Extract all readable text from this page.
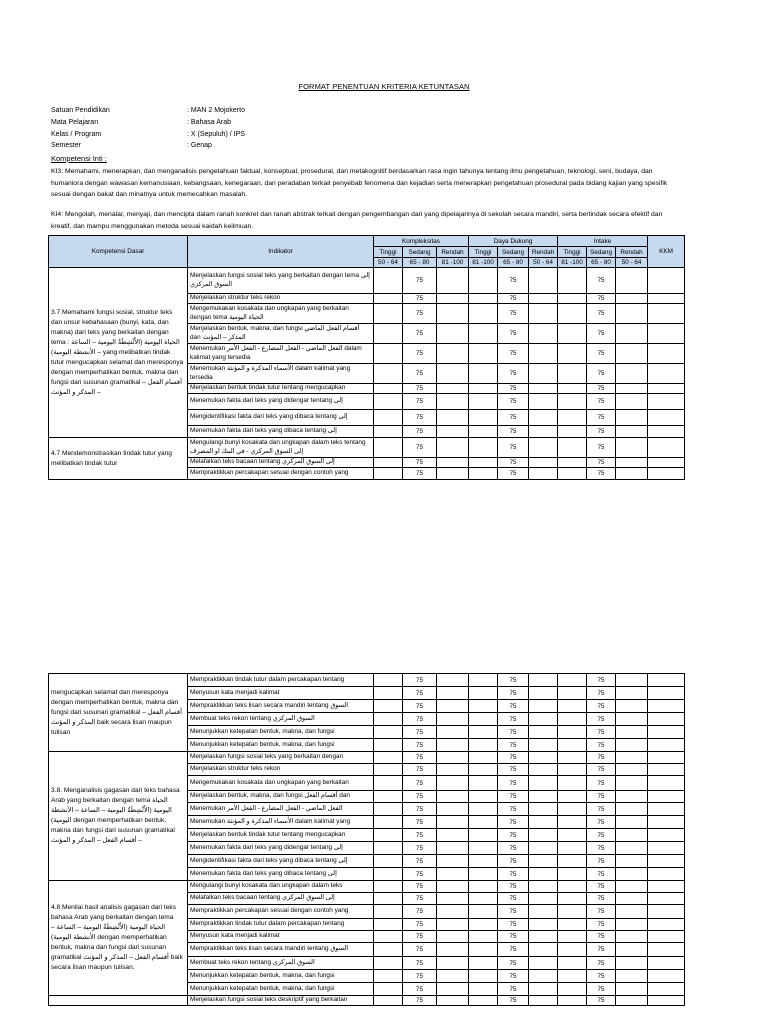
FORMAT PENENTUAN KRITERIA KETUNTASAN
Satuan Pendidikan	: MAN 2 Mojokerto
Mata Pelajaran	: Bahasa Arab
Kelas / Program	: X (Sepuluh) / IPS
Semester	: Genap
Kompetensi Inti :
KI3: Memahami, menerapkan, dan menganalisis pengetahuan faktual, konseptual, prosedural, dan metakognitif berdasarkan rasa ingin tahunya tentang ilmu pengetahuan, teknologi, seni, budaya, dan humaniora dengan wawasan kemanusiaan, kebangsaan, kenegaraan, dan peradaban terkait penyebab fenomena dan kejadian serta menerapkan pengetahuan prosedural pada bidang kajian yang spesifik sesuai dengan bakat dan minatnya untuk memecahkan masalah.
KI4: Mengolah, menalar, menyaji, dan mencipta dalam ranah konkret dan ranah abstrak terkait dengan pengembangan dari yang dipelajarinya di sekolah secara mandiri, serta bertindak secara efektif dan kreatif, dan mampu menggunakan metoda sesuai kaidah keilmuan.
Kompetensi Dasar	Indikator	Kompleksitas			Daya Dukung			Intake			KKM
		Tinggi	Sedang	Rendah	Tinggi	Sedang	Rendah	Tinggi	Sedang	Rendah	
		50 - 64	65 - 80	81 -100	81 -100	65 - 80	50 - 64	81 -100	65 - 80	50 - 64	
3.7 Memahami fungsi sosial, struktur teks dan unsur kebahasaan (bunyi, kata, dan makna) dari teks yang berkaitan dengan tema : الحياة اليومية (الأَنْشِطَةُ اليومية – الساعة – الأنشطة اليومية) yang melibatkan tindak tutur mengucapkan selamat dan meresponya dengan memperhatikan bentuk, makna dan fungsi dari susunan gramatikal أقسام الفعل – المذكر و المؤنث –	Menjelaskan fungsi sosial teks yang berkaitan dengan tema إلى السوق المركزي		75			75			75		
	Menjelaskan struktur teks rekon		75			75			75		
	Mengemukakan kosakata dan ungkapan yang berkaitan dengan tema الحياة اليومية		75			75			75		
	Menjelaskan bentuk, makna, dan fungsi أقسام الفعل الماضي dan المذكر – المؤنث		75			75			75		
	Menemukan الفعل الماضي - الفعل المضارع - الفعل الأمر dalam kalimat yang tersedia		75			75			75		
	Menemukan الأسماء المذكرة و المؤنثة dalam kalimat yang tersedia		75			75			75		
	Menjelaskan bentuk tindak tutur tentang mengucapkan		75			75			75		
	Menemukan fakta dari teks yang didengar tentang إلى		75			75			75		
	Mengidentifikasi fakta dari teks yang dibaca tentang إلى		75			75			75		
	Menemukan fakta dari teks yang dibaca tentang إلى		75			75			75		
4.7 Mendemonstrasikan tindak tutur yang melibatkan tindak tutur	Mengulangi bunyi kosakata dan ungkapan dalam teks tentang إلى السوق المركزي - في البنك او المصرف		75			75			75		
	Melafalkan teks bacaan tentang إلى السوق المركزي		75			75			75		
	Mempraktikkan percakapan sesuai dengan contoh yang		75			75			75		
mengucapkan selamat dan meresponya dengan memperhatikan bentuk, makna dan fungsi dari susunan gramatikal أقسام الفعل – المذكر و المؤنث baik secara lisan maupun tulisan	Mempraktikkan tindak tutur dalam percakapan tentang		75			75			75		
	Menyusun kata menjadi kalimat		75			75			75		
	Mempraktikkan teks lisan secara mandiri tentang السوق		75			75			75		
	Membuat teks rekon tentang السوق المركزي		75			75			75		
	Menunjukkan ketepatan bentuk, makna, dan fungsi		75			75			75		
	Menunjukkan ketepatan bentuk, makna, dan fungsi		75			75			75		
3.8. Menganalisis gagasan dari teks bahasa Arab yang berkaitan dengan tema الحياة اليومية (الأَنْشِطَةُ اليومية – الساعة – الأنشطة اليومية) dengan memperhatikan bentuk, makna dan fungsi dari susunan gramatikal أقسام الفعل – المذكر و المؤنث –	Menjelaskan fungsi sosial teks yang berkaitan dengan		75			75			75		
	Menjelaskan struktur teks rekon		75			75			75		
	Mengemukakan kosakata dan ungkapan yang berkaitan		75			75			75		
	Menjelaskan bentuk, makna, dan fungsi أقسام الفعل dan		75			75			75		
	Menemukan الفعل الماضي - الفعل المضارع - الفعل الأمر		75			75			75		
	Menemukan الأسماء المذكرة و المؤنثة dalam kalimat yang		75			75			75		
	Menjelaskan bentuk tindak tutur tentang mengucapkan		75			75			75		
	Menemukan fakta dari teks yang didengar tentang إلى		75			75			75		
	Mengidentifikasi fakta dari teks yang dibaca tentang إلى		75			75			75		
	Menemukan fakta dari teks yang dibaca tentang إلى		75			75			75		
4.8 Menilai hasil analisis gagasan dari teks bahasa Arab yang berkaitan dengan tema الحياة اليومية (الأَنْشِطَةُ اليومية – الساعة – الأنشطة اليومية) dengan memperhatikan bentuk, makna dan fungsi dari susunan gramatikal أقسام الفعل – المذكر و المؤنث baik secara lisan maupun tulisan.	Mengulangi bunyi kosakata dan ungkapan dalam teks		75			75			75		
	Melafalkan teks bacaan tentang إلى السوق المركزي		75			75			75		
	Mempraktikkan percakapan sesuai dengan contoh yang		75			75			75		
	Mempraktikkan tindak tutur dalam percakapan tentang		75			75			75		
	Menyusun kata menjadi kalimat		75			75			75		
	Mempraktikkan teks lisan secara mandiri tentang السوق		75			75			75		
	Membuat teks rekon tentang السوق المركزي		75			75			75		
	Menunjukkan ketepatan bentuk, makna, dan fungsi		75			75			75		
	Menunjukkan ketepatan bentuk, makna, dan fungsi		75			75			75		
	Menjelaskan fungsi sosial teks deskriptif yang berkaitan		75			75			75		
